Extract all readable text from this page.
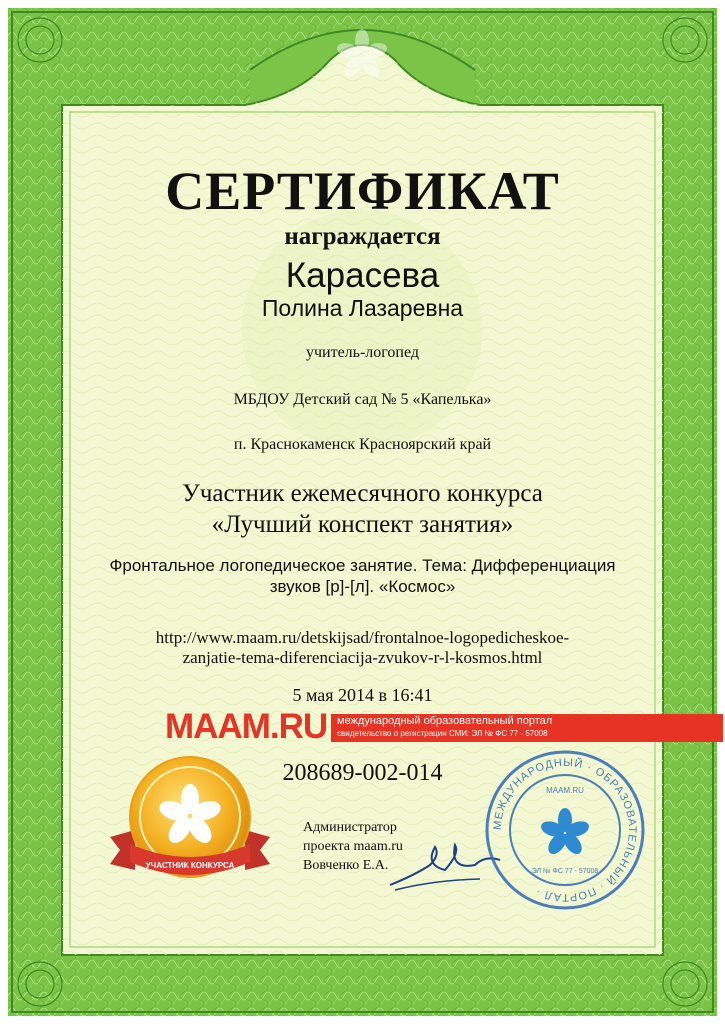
СЕРТИФИКАТ
награждается
Карасева
Полина Лазаревна
учитель-логопед
МБДОУ Детский сад № 5 «Капелька»
п. Краснокаменск Красноярский край
Участник ежемесячного конкурса
«Лучший конспект занятия»
Фронтальное логопедическое занятие. Тема: Дифференциация
звуков [р]-[л]. «Космос»
http://www.maam.ru/detskijsad/frontalnoe-logopedicheskoe-
zanjatie-tema-diferenciacija-zvukov-r-l-kosmos.html
5 мая 2014 в 16:41
MAAM.RU международный образовательный портал
свидетельство о регистрации СМИ: ЭЛ № ФС 77 - 57008
208689-002-014
УЧАСТНИК КОНКУРСА
Администратор
проекта maam.ru
Вовченко Е.А.
МЕЖДУНАРОДНЫЙ · ОБРАЗОВАТЕЛЬНЫЙ · ПОРТАЛ ·
MAAM.RU
ЭЛ № ФС 77 - 57008
